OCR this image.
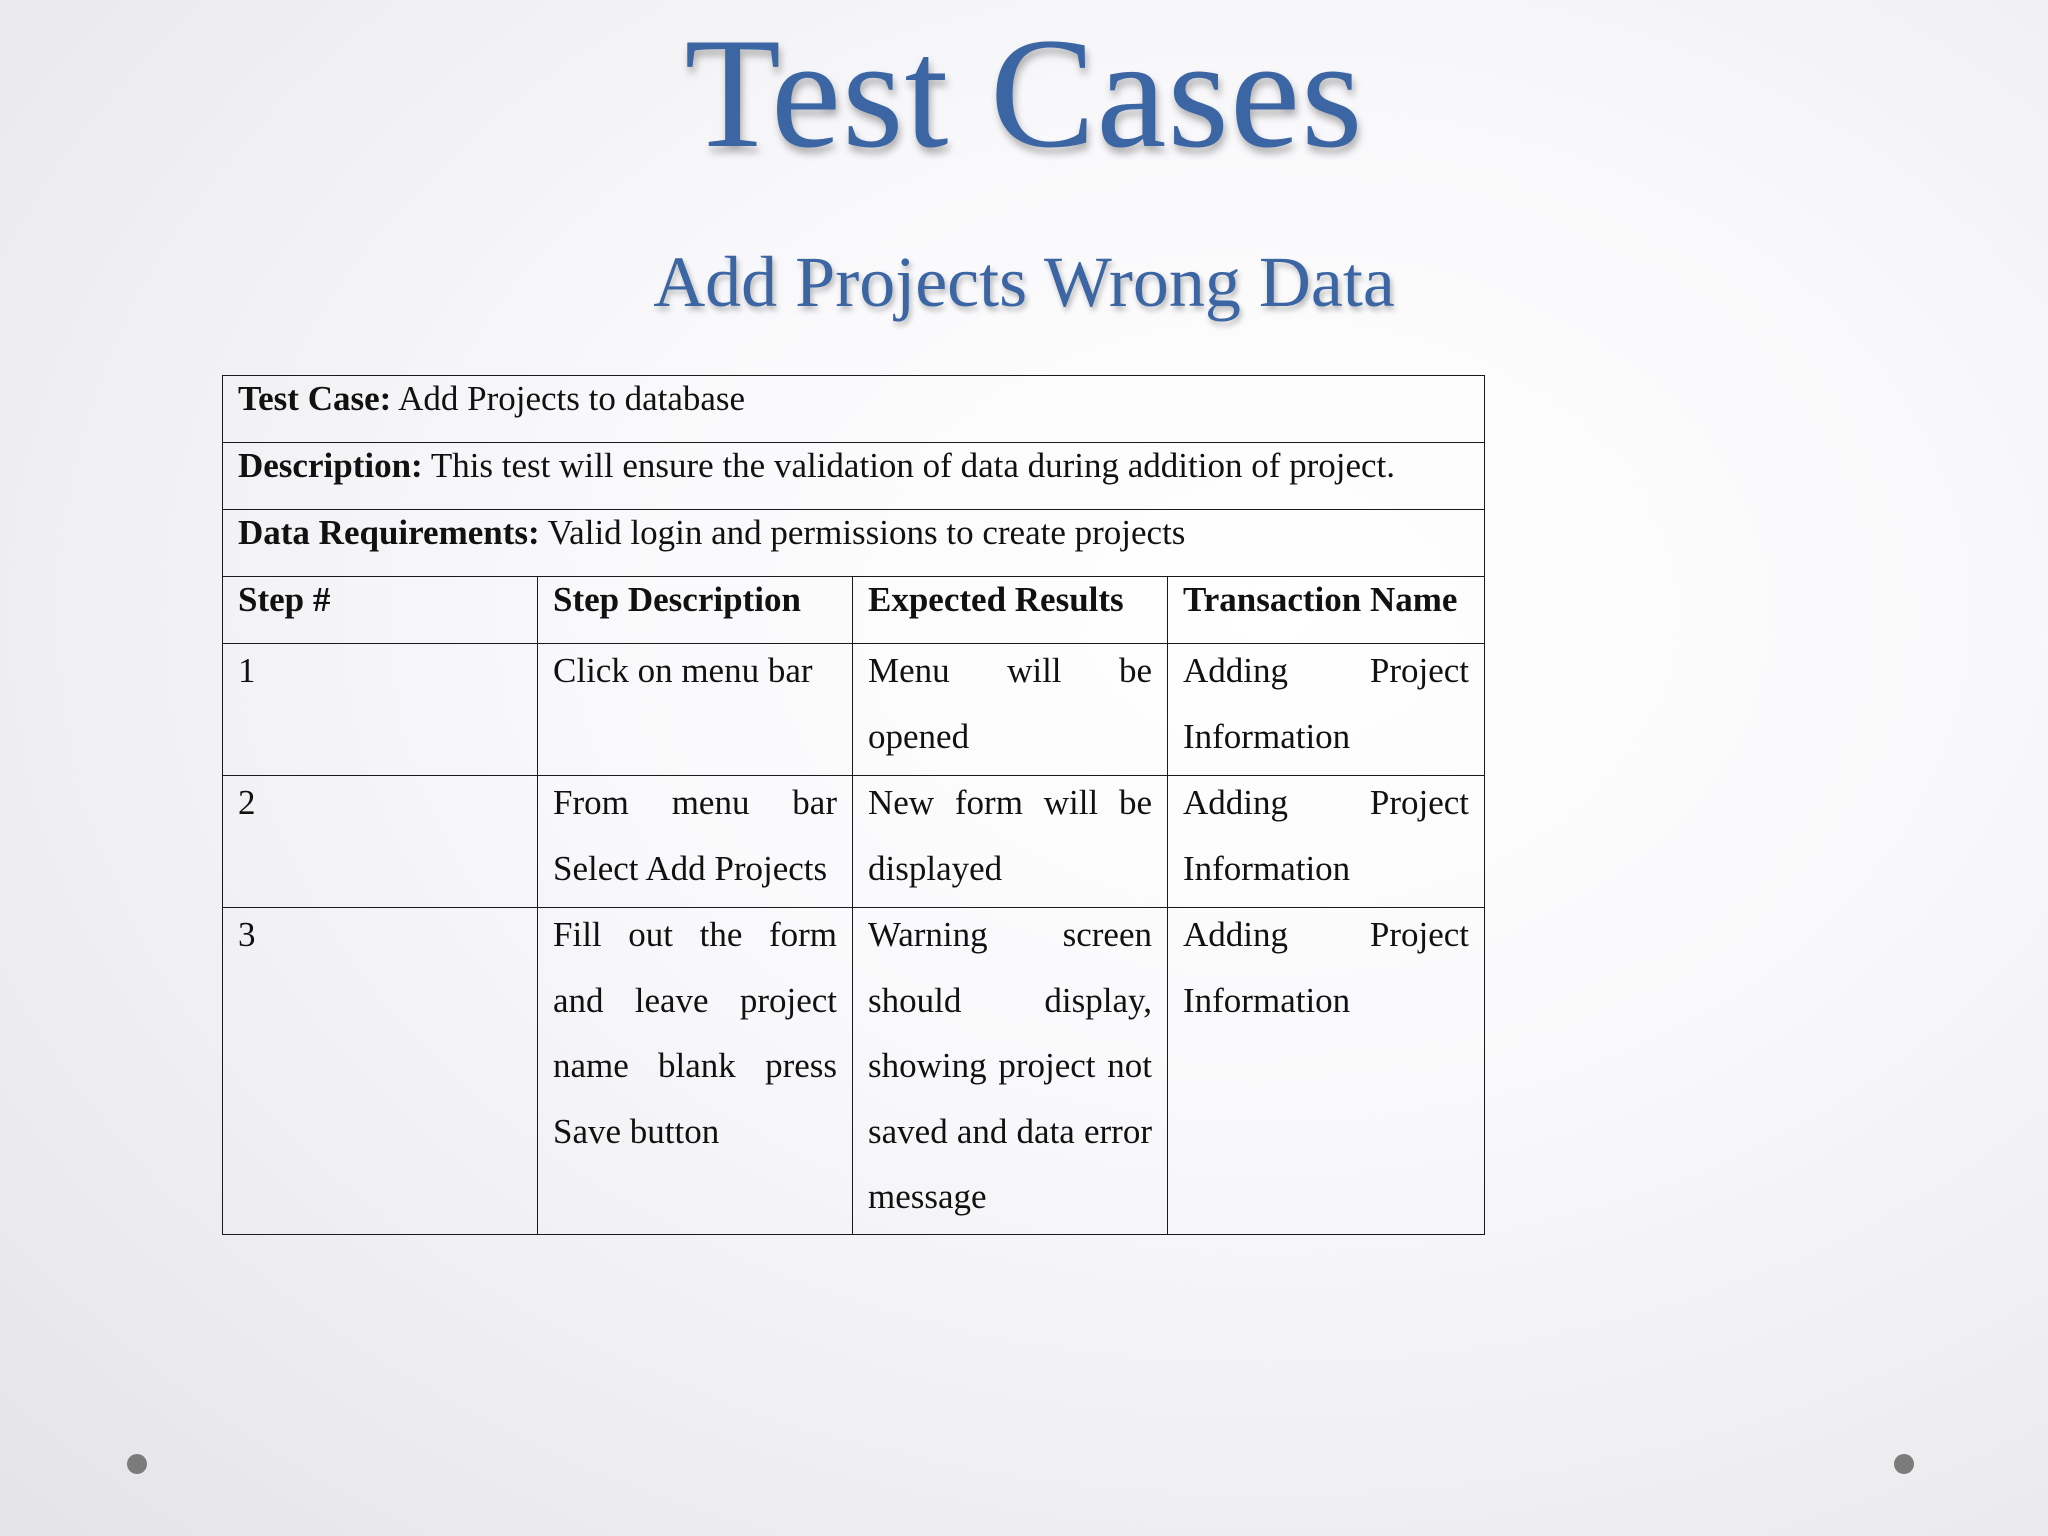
Test Cases
Add Projects Wrong Data
Test Case: Add Projects to database			
Description: This test will ensure the validation of data during addition of project.			
Data Requirements: Valid login and permissions to create projects			
Step #	Step Description	Expected Results	Transaction Name

1	Click on menu bar	Menu will be opened	Adding Project Information

2	From menu bar Select Add Projects	New form will be displayed	Adding Project Information

3	Fill out the form and leave project name blank press Save button	Warning screen should display, showing project not saved and data error message	Adding Project Information
